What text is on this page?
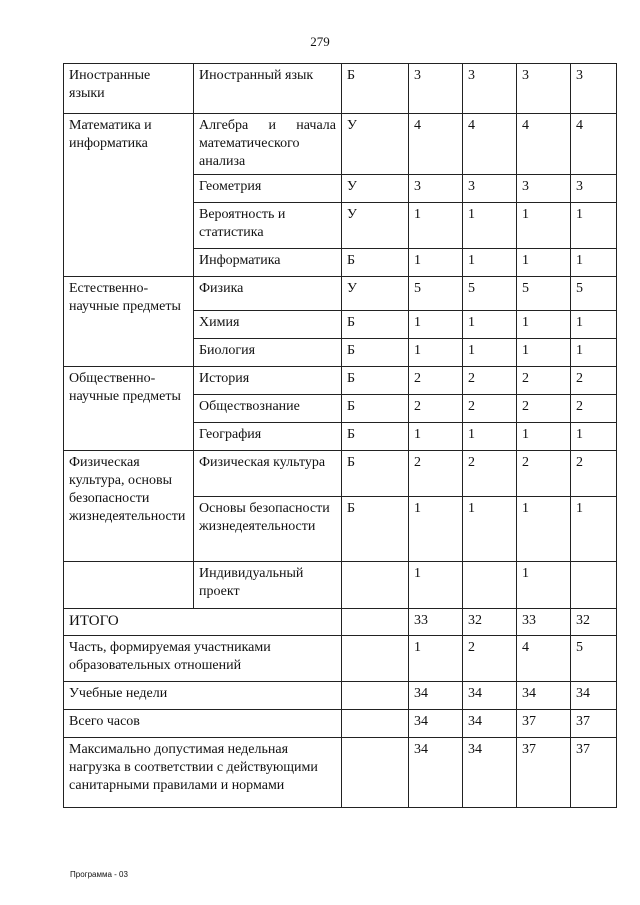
279
Иностранные языки	Иностранный язык	Б	3	3	3	3
Математика и информатика	Алгебра и начала математического анализа	У	4	4	4	4
	Геометрия	У	3	3	3	3
	Вероятность и статистика	У	1	1	1	1
	Информатика	Б	1	1	1	1
Естественно-научные предметы	Физика	У	5	5	5	5
	Химия	Б	1	1	1	1
	Биология	Б	1	1	1	1
Общественно-научные предметы	История	Б	2	2	2	2
	Обществознание	Б	2	2	2	2
	География	Б	1	1	1	1
Физическая культура, основы безопасности жизнедеятельности	Физическая культура	Б	2	2	2	2
	Основы безопасности жизнедеятельности	Б	1	1	1	1
	Индивидуальный проект		1		1	
ИТОГО			33	32	33	32
Часть, формируемая участниками образовательных отношений			1	2	4	5
Учебные недели			34	34	34	34
Всего часов			34	34	37	37
Максимально допустимая недельная нагрузка в соответствии с действующими санитарными правилами и нормами			34	34	37	37
Программа - 03
